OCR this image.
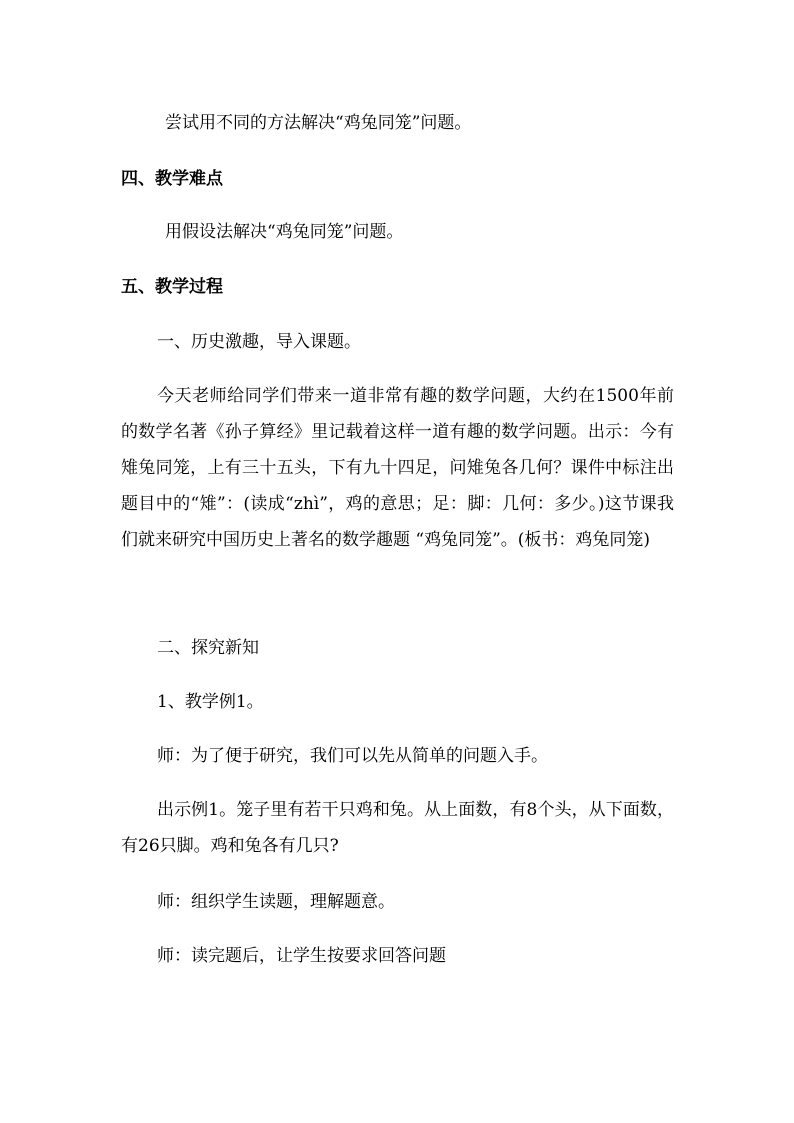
尝试用不同的方法解决“鸡兔同笼”问题。
四、教学难点
用假设法解决“鸡兔同笼”问题。
五、教学过程
一、历史激趣，导入课题。
今天老师给同学们带来一道非常有趣的数学问题，大约在1500年前的数学名著《孙子算经》里记载着这样一道有趣的数学问题。出示：今有雉兔同笼，上有三十五头，下有九十四足，问雉兔各几何？课件中标注出题目中的“雉”：(读成“zhì”，鸡的意思；足：脚：几何：多少。)这节课我们就来研究中国历史上著名的数学趣题 “鸡兔同笼”。(板书：鸡兔同笼)
二、探究新知
1、教学例1。
师：为了便于研究，我们可以先从简单的问题入手。
出示例1。笼子里有若干只鸡和兔。从上面数，有8个头，从下面数，有26只脚。鸡和兔各有几只?
师：组织学生读题，理解题意。
师：读完题后，让学生按要求回答问题
